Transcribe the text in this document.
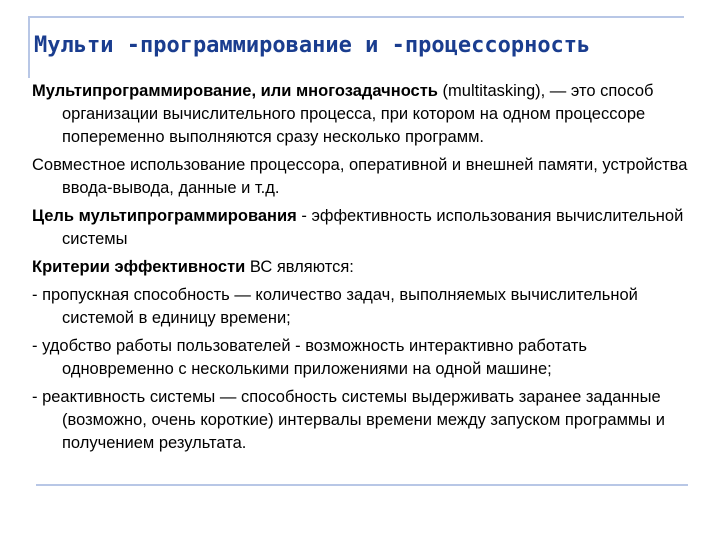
Мульти -программирование и -процессорность

Мультипрограммирование, или многозадачность (multitasking), — это способ организации вычислительного процесса, при котором на одном процессоре попеременно выполняются сразу несколько программ.

Совместное использование процессора, оперативной и внешней памяти, устройства ввода-вывода, данные и т.д.

Цель мультипрограммирования - эффективность использования вычислительной системы

Критерии эффективности ВС являются:

- пропускная способность — количество задач, выполняемых вычислительной системой в единицу времени;

- удобство работы пользователей - возможность интерактивно работать одновременно с несколькими приложениями на одной машине;

- реактивность системы — способность системы выдерживать заранее заданные (возможно, очень короткие) интервалы времени между запуском программы и получением результата.
